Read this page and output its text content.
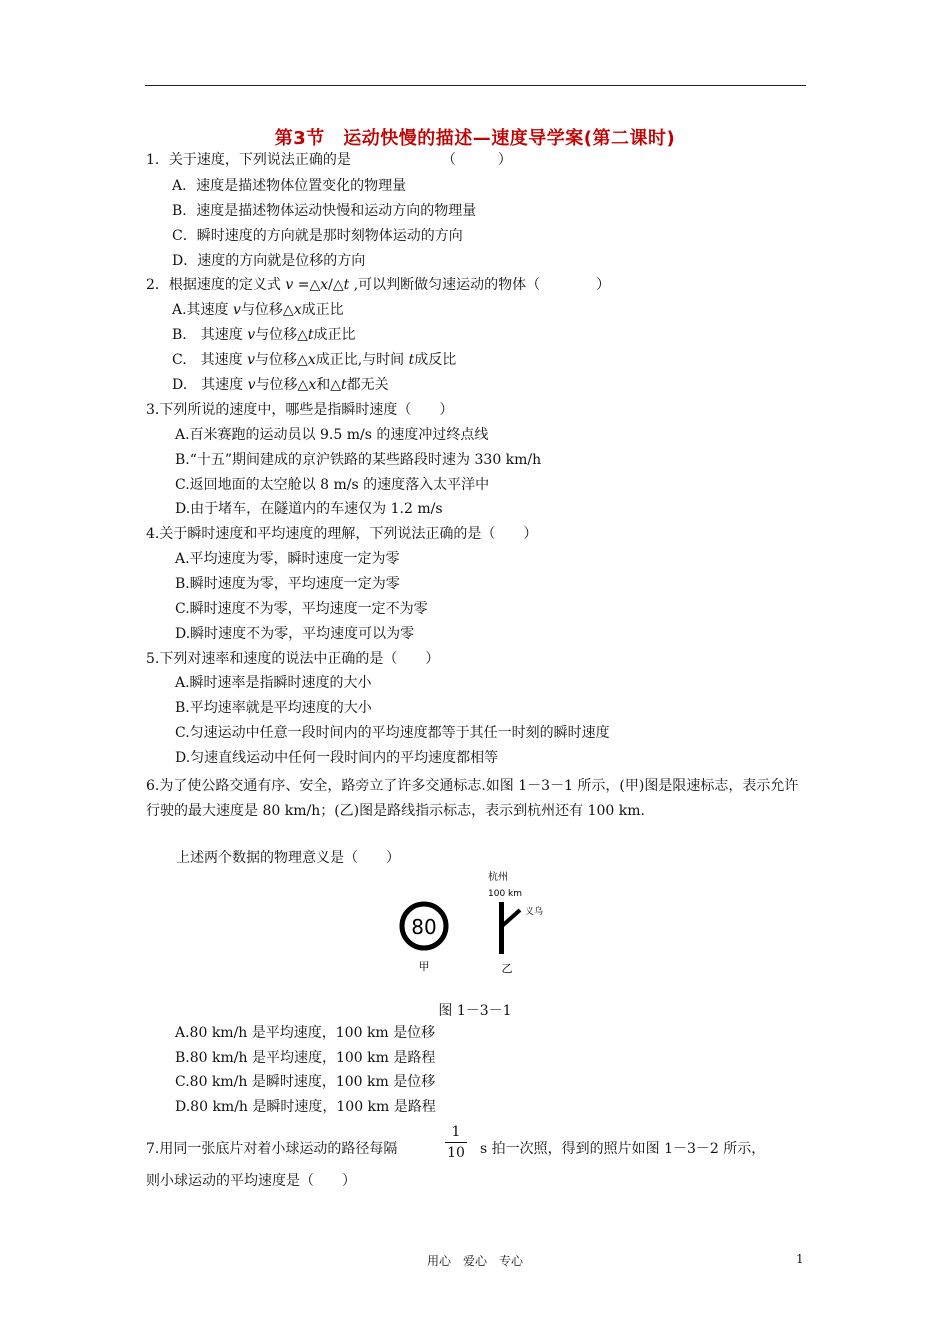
第3节　运动快慢的描述—速度导学案(第二课时)
1．关于速度，下列说法正确的是　　　　　　　（　　　）
A．速度是描述物体位置变化的物理量
B．速度是描述物体运动快慢和运动方向的物理量
C．瞬时速度的方向就是那时刻物体运动的方向
D．速度的方向就是位移的方向
2．根据速度的定义式 v =△x/△t ,可以判断做匀速运动的物体（　　　　）
A.其速度 v与位移△x成正比
B.　其速度 v与位移△t成正比
C.　其速度 v与位移△x成正比,与时间 t成反比
D.　其速度 v与位移△x和△t都无关
3.下列所说的速度中，哪些是指瞬时速度（　　）
A.百米赛跑的运动员以 9.5 m/s 的速度冲过终点线
B.“十五”期间建成的京沪铁路的某些路段时速为 330 km/h
C.返回地面的太空舱以 8 m/s 的速度落入太平洋中
D.由于堵车，在隧道内的车速仅为 1.2 m/s
4.关于瞬时速度和平均速度的理解，下列说法正确的是（　　）
A.平均速度为零，瞬时速度一定为零
B.瞬时速度为零，平均速度一定为零
C.瞬时速度不为零，平均速度一定不为零
D.瞬时速度不为零，平均速度可以为零
5.下列对速率和速度的说法中正确的是（　　）
A.瞬时速率是指瞬时速度的大小
B.平均速率就是平均速度的大小
C.匀速运动中任意一段时间内的平均速度都等于其任一时刻的瞬时速度
D.匀速直线运动中任何一段时间内的平均速度都相等
6.为了使公路交通有序、安全，路旁立了许多交通标志.如图 1－3－1 所示，(甲)图是限速标志，表示允许行驶的最大速度是 80 km/h；(乙)图是路线指示标志，表示到杭州还有 100 km.
上述两个数据的物理意义是（　　）
80
甲
杭州
100 km
义乌
乙
图 1－3－1
A.80 km/h 是平均速度，100 km 是位移
B.80 km/h 是平均速度，100 km 是路程
C.80 km/h 是瞬时速度，100 km 是位移
D.80 km/h 是瞬时速度，100 km 是路程
7.用同一张底片对着小球运动的路径每隔
1
10 s 拍一次照，得到的照片如图 1－3－2 所示，
则小球运动的平均速度是（　　）
用心　爱心　专心	1
